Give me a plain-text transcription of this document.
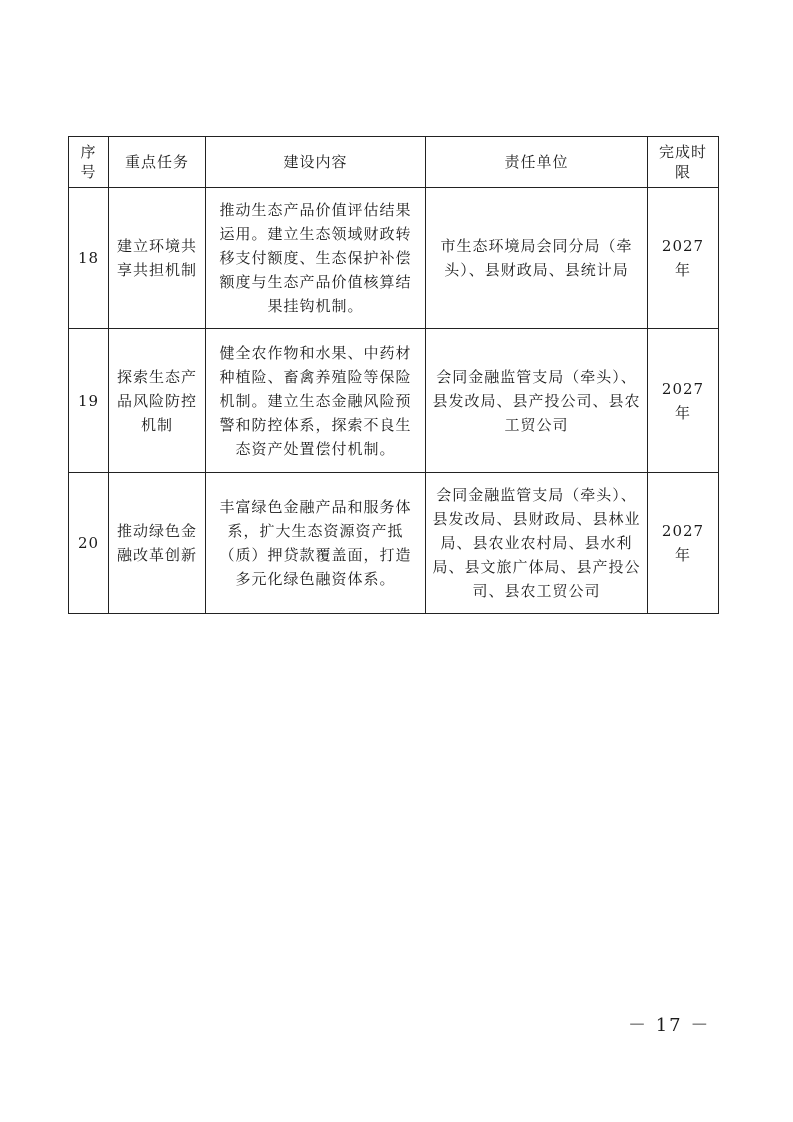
序号	重点任务	建设内容	责任单位	完成时限
18	建立环境共享共担机制	推动生态产品价值评估结果运用。建立生态领域财政转移支付额度、生态保护补偿额度与生态产品价值核算结果挂钩机制。	市生态环境局会同分局（牵头）、县财政局、县统计局	2027年
19	探索生态产品风险防控机制	健全农作物和水果、中药材种植险、畜禽养殖险等保险机制。建立生态金融风险预警和防控体系，探索不良生态资产处置偿付机制。	会同金融监管支局（牵头）、县发改局、县产投公司、县农工贸公司	2027年
20	推动绿色金融改革创新	丰富绿色金融产品和服务体系，扩大生态资源资产抵（质）押贷款覆盖面，打造多元化绿色融资体系。	会同金融监管支局（牵头）、县发改局、县财政局、县林业局、县农业农村局、县水利局、县文旅广体局、县产投公司、县农工贸公司	2027年
－ 17 －
